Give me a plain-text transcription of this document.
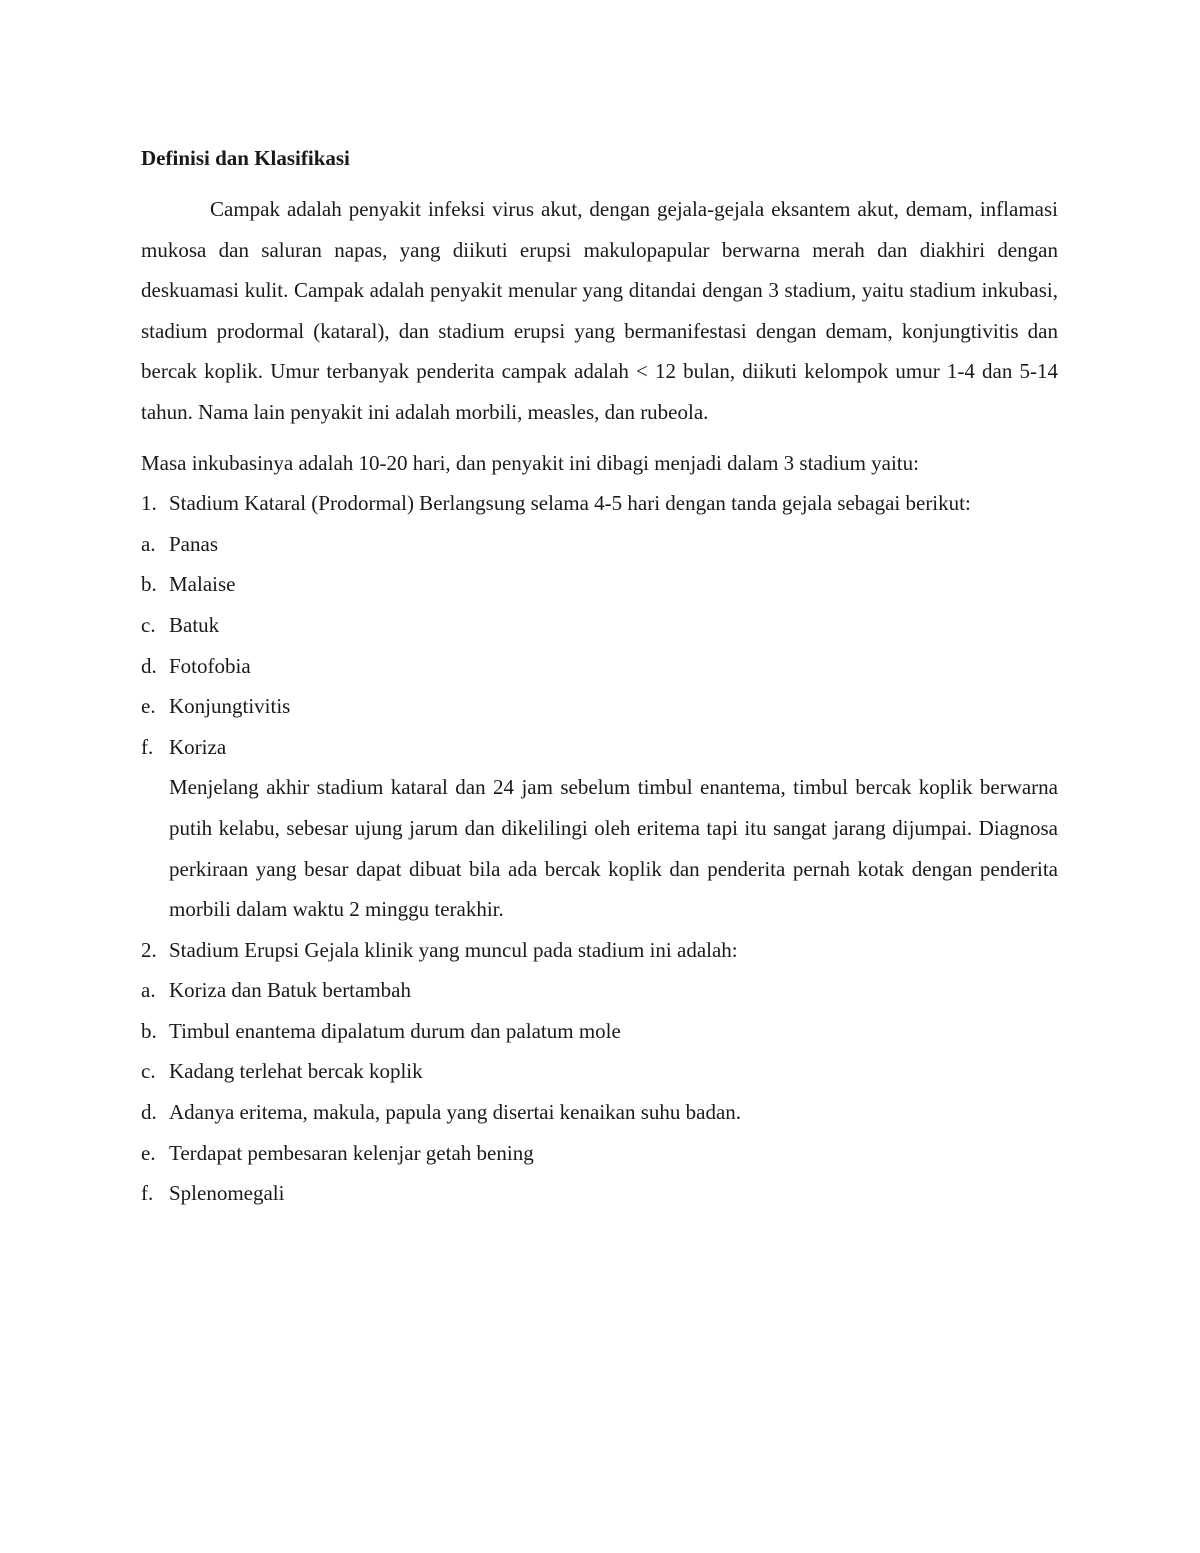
Definisi dan Klasifikasi

Campak adalah penyakit infeksi virus akut, dengan gejala-gejala eksantem akut, demam, inflamasi mukosa dan saluran napas, yang diikuti erupsi makulopapular berwarna merah dan diakhiri dengan deskuamasi kulit. Campak adalah penyakit menular yang ditandai dengan 3 stadium, yaitu stadium inkubasi, stadium prodormal (kataral), dan stadium erupsi yang bermanifestasi dengan demam, konjungtivitis dan bercak koplik. Umur terbanyak penderita campak adalah < 12 bulan, diikuti kelompok umur 1-4 dan 5-14 tahun. Nama lain penyakit ini adalah morbili, measles, dan rubeola.

Masa inkubasinya adalah 10-20 hari, dan penyakit ini dibagi menjadi dalam 3 stadium yaitu:

1. Stadium Kataral (Prodormal) Berlangsung selama 4-5 hari dengan tanda gejala sebagai berikut:
a. Panas
b. Malaise
c. Batuk
d. Fotofobia
e. Konjungtivitis
f. Koriza

Menjelang akhir stadium kataral dan 24 jam sebelum timbul enantema, timbul bercak koplik berwarna putih kelabu, sebesar ujung jarum dan dikelilingi oleh eritema tapi itu sangat jarang dijumpai. Diagnosa perkiraan yang besar dapat dibuat bila ada bercak koplik dan penderita pernah kotak dengan penderita morbili dalam waktu 2 minggu terakhir.

2. Stadium Erupsi Gejala klinik yang muncul pada stadium ini adalah:
a. Koriza dan Batuk bertambah
b. Timbul enantema dipalatum durum dan palatum mole
c. Kadang terlehat bercak koplik
d. Adanya eritema, makula, papula yang disertai kenaikan suhu badan.
e. Terdapat pembesaran kelenjar getah bening
f. Splenomegali
